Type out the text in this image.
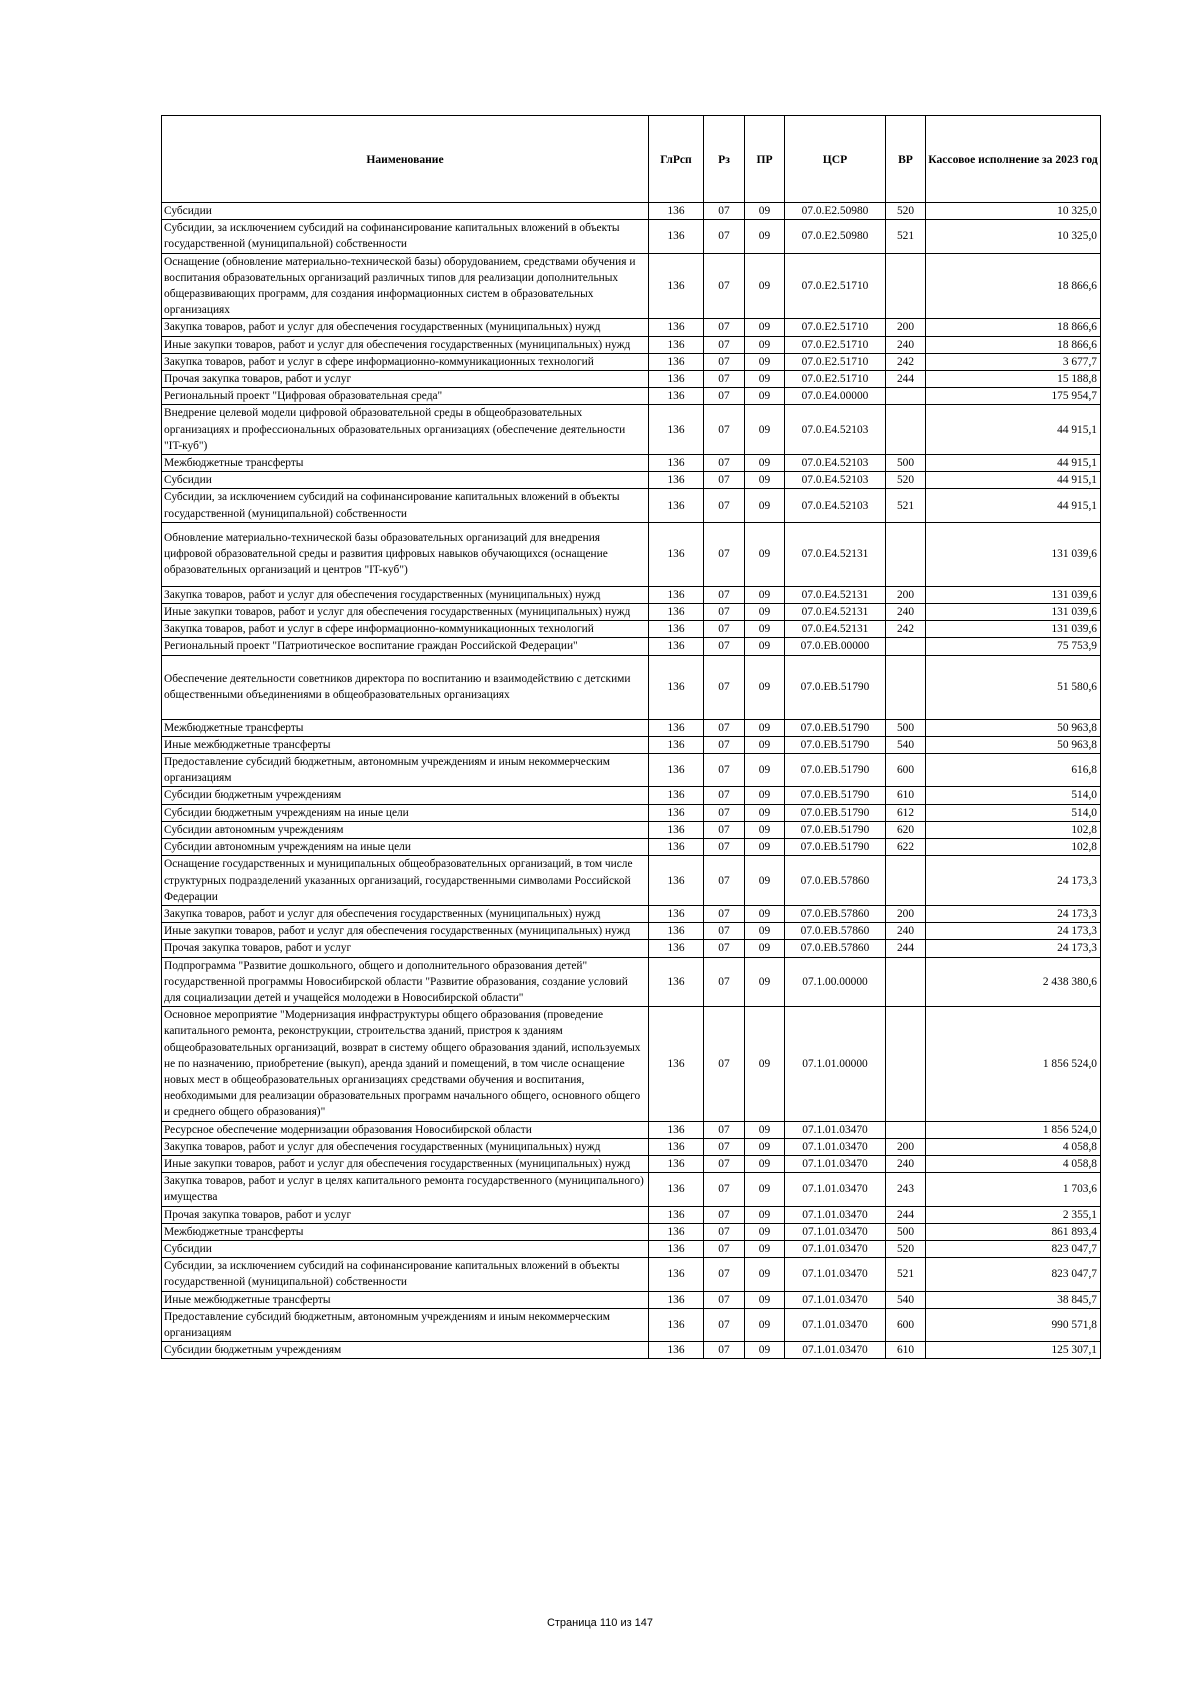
Наименование	ГлРсп	Рз	ПР	ЦСР	ВР	Кассовое исполнение за 2023 год
Субсидии	136	07	09	07.0.E2.50980	520	10 325,0
Субсидии, за исключением субсидий на софинансирование капитальных вложений в объекты государственной (муниципальной) собственности	136	07	09	07.0.E2.50980	521	10 325,0
Оснащение (обновление материально-технической базы) оборудованием, средствами обучения и воспитания образовательных организаций различных типов для реализации дополнительных общеразвивающих программ, для создания информационных систем в образовательных организациях	136	07	09	07.0.E2.51710		18 866,6
Закупка товаров, работ и услуг для обеспечения государственных (муниципальных) нужд	136	07	09	07.0.E2.51710	200	18 866,6
Иные закупки товаров, работ и услуг для обеспечения государственных (муниципальных) нужд	136	07	09	07.0.E2.51710	240	18 866,6
Закупка товаров, работ и услуг в сфере информационно-коммуникационных технологий	136	07	09	07.0.E2.51710	242	3 677,7
Прочая закупка товаров, работ и услуг	136	07	09	07.0.E2.51710	244	15 188,8
Региональный проект "Цифровая образовательная среда"	136	07	09	07.0.E4.00000		175 954,7
Внедрение целевой модели цифровой образовательной среды в общеобразовательных организациях и профессиональных образовательных организациях (обеспечение деятельности "IT-куб")	136	07	09	07.0.E4.52103		44 915,1
Межбюджетные трансферты	136	07	09	07.0.E4.52103	500	44 915,1
Субсидии	136	07	09	07.0.E4.52103	520	44 915,1
Субсидии, за исключением субсидий на софинансирование капитальных вложений в объекты государственной (муниципальной) собственности	136	07	09	07.0.E4.52103	521	44 915,1
Обновление материально-технической базы образовательных организаций для внедрения цифровой образовательной среды и развития цифровых навыков обучающихся (оснащение образовательных организаций и центров "IT-куб")	136	07	09	07.0.E4.52131		131 039,6
Закупка товаров, работ и услуг для обеспечения государственных (муниципальных) нужд	136	07	09	07.0.E4.52131	200	131 039,6
Иные закупки товаров, работ и услуг для обеспечения государственных (муниципальных) нужд	136	07	09	07.0.E4.52131	240	131 039,6
Закупка товаров, работ и услуг в сфере информационно-коммуникационных технологий	136	07	09	07.0.E4.52131	242	131 039,6
Региональный проект "Патриотическое воспитание граждан Российской Федерации"	136	07	09	07.0.EB.00000		75 753,9
Обеспечение деятельности советников директора по воспитанию и взаимодействию с детскими общественными объединениями в общеобразовательных организациях	136	07	09	07.0.EB.51790		51 580,6
Межбюджетные трансферты	136	07	09	07.0.EB.51790	500	50 963,8
Иные межбюджетные трансферты	136	07	09	07.0.EB.51790	540	50 963,8
Предоставление субсидий бюджетным, автономным учреждениям и иным некоммерческим организациям	136	07	09	07.0.EB.51790	600	616,8
Субсидии бюджетным учреждениям	136	07	09	07.0.EB.51790	610	514,0
Субсидии бюджетным учреждениям на иные цели	136	07	09	07.0.EB.51790	612	514,0
Субсидии автономным учреждениям	136	07	09	07.0.EB.51790	620	102,8
Субсидии автономным учреждениям на иные цели	136	07	09	07.0.EB.51790	622	102,8
Оснащение государственных и муниципальных общеобразовательных организаций, в том числе структурных подразделений указанных организаций, государственными символами Российской Федерации	136	07	09	07.0.EB.57860		24 173,3
Закупка товаров, работ и услуг для обеспечения государственных (муниципальных) нужд	136	07	09	07.0.EB.57860	200	24 173,3
Иные закупки товаров, работ и услуг для обеспечения государственных (муниципальных) нужд	136	07	09	07.0.EB.57860	240	24 173,3
Прочая закупка товаров, работ и услуг	136	07	09	07.0.EB.57860	244	24 173,3
Подпрограмма "Развитие дошкольного, общего и дополнительного образования детей" государственной программы Новосибирской области "Развитие образования, создание условий для социализации детей и учащейся молодежи в Новосибирской области"	136	07	09	07.1.00.00000		2 438 380,6
Основное мероприятие "Модернизация инфраструктуры общего образования (проведение капитального ремонта, реконструкции, строительства зданий, пристроя к зданиям общеобразовательных организаций, возврат в систему общего образования зданий, используемых не по назначению, приобретение (выкуп), аренда зданий и помещений, в том числе оснащение новых мест в общеобразовательных организациях средствами обучения и воспитания, необходимыми для реализации образовательных программ начального общего, основного общего и среднего общего образования)"	136	07	09	07.1.01.00000		1 856 524,0
Ресурсное обеспечение модернизации образования Новосибирской области	136	07	09	07.1.01.03470		1 856 524,0
Закупка товаров, работ и услуг для обеспечения государственных (муниципальных) нужд	136	07	09	07.1.01.03470	200	4 058,8
Иные закупки товаров, работ и услуг для обеспечения государственных (муниципальных) нужд	136	07	09	07.1.01.03470	240	4 058,8
Закупка товаров, работ и услуг в целях капитального ремонта государственного (муниципального) имущества	136	07	09	07.1.01.03470	243	1 703,6
Прочая закупка товаров, работ и услуг	136	07	09	07.1.01.03470	244	2 355,1
Межбюджетные трансферты	136	07	09	07.1.01.03470	500	861 893,4
Субсидии	136	07	09	07.1.01.03470	520	823 047,7
Субсидии, за исключением субсидий на софинансирование капитальных вложений в объекты государственной (муниципальной) собственности	136	07	09	07.1.01.03470	521	823 047,7
Иные межбюджетные трансферты	136	07	09	07.1.01.03470	540	38 845,7
Предоставление субсидий бюджетным, автономным учреждениям и иным некоммерческим организациям	136	07	09	07.1.01.03470	600	990 571,8
Субсидии бюджетным учреждениям	136	07	09	07.1.01.03470	610	125 307,1
Страница 110 из 147
